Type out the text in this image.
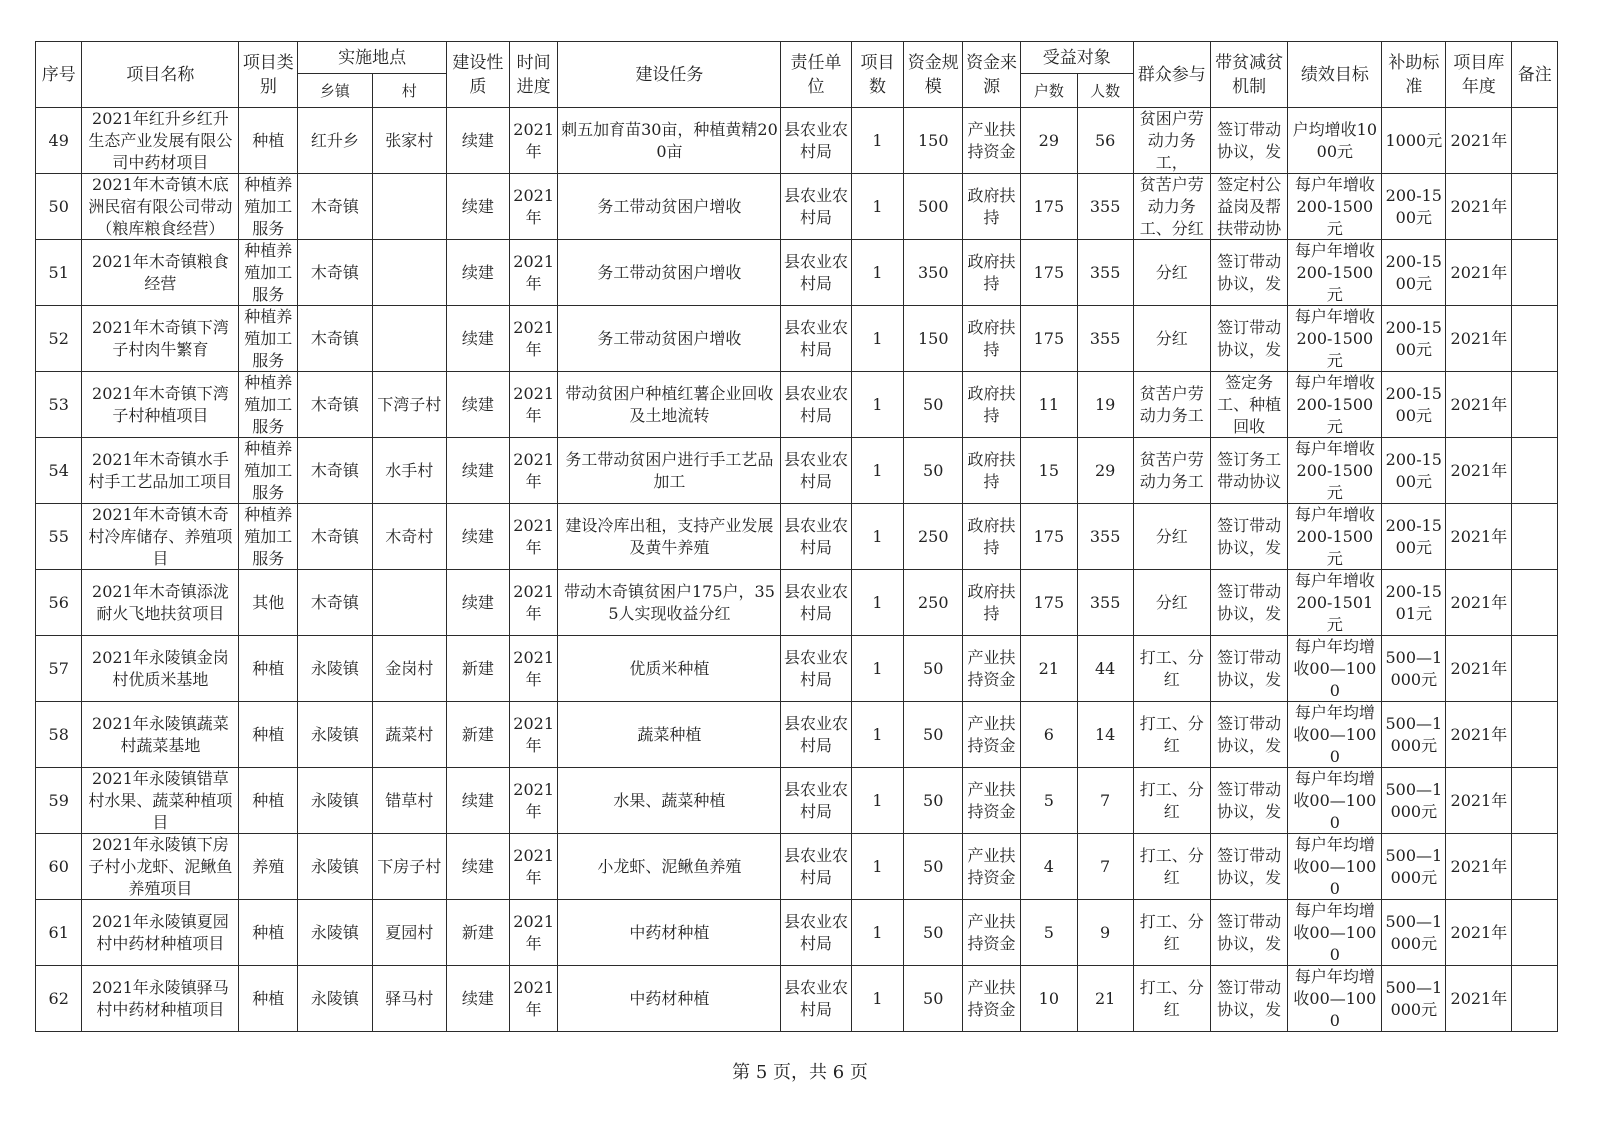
序号	项目名称	项目类别	实施地点		建设性质	时间进度	建设任务	责任单位	项目数	资金规模	资金来源	受益对象		群众参与	带贫减贫机制	绩效目标	补助标准	项目库年度	备注
			乡镇	村								户数	人数						

49	2021年红升乡红升生态产业发展有限公司中药材项目	种植	红升乡	张家村	续建	2021年	刺五加育苗30亩，种植黄精200亩	县农业农村局	1	150	产业扶持资金	29	56	贫困户劳动力务工，	签订带动协议，发	户均增收1000元	1000元	2021年	

50	2021年木奇镇木底洲民宿有限公司带动（粮库粮食经营）	种植养殖加工服务	木奇镇		续建	2021年	务工带动贫困户增收	县农业农村局	1	500	政府扶持	175	355	贫苦户劳动力务工、分红	签定村公益岗及帮扶带动协	每户年增收200-1500元	200-1500元	2021年	

51	2021年木奇镇粮食经营	种植养殖加工服务	木奇镇		续建	2021年	务工带动贫困户增收	县农业农村局	1	350	政府扶持	175	355	分红	签订带动协议，发	每户年增收200-1500元	200-1500元	2021年	

52	2021年木奇镇下湾子村肉牛繁育	种植养殖加工服务	木奇镇		续建	2021年	务工带动贫困户增收	县农业农村局	1	150	政府扶持	175	355	分红	签订带动协议，发	每户年增收200-1500元	200-1500元	2021年	

53	2021年木奇镇下湾子村种植项目	种植养殖加工服务	木奇镇	下湾子村	续建	2021年	带动贫困户种植红薯企业回收及土地流转	县农业农村局	1	50	政府扶持	11	19	贫苦户劳动力务工	签定务工、种植回收	每户年增收200-1500元	200-1500元	2021年	

54	2021年木奇镇水手村手工艺品加工项目	种植养殖加工服务	木奇镇	水手村	续建	2021年	务工带动贫困户进行手工艺品加工	县农业农村局	1	50	政府扶持	15	29	贫苦户劳动力务工	签订务工带动协议	每户年增收200-1500元	200-1500元	2021年	

55	2021年木奇镇木奇村冷库储存、养殖项目	种植养殖加工服务	木奇镇	木奇村	续建	2021年	建设冷库出租，支持产业发展及黄牛养殖	县农业农村局	1	250	政府扶持	175	355	分红	签订带动协议，发	每户年增收200-1500元	200-1500元	2021年	

56	2021年木奇镇添泷耐火飞地扶贫项目	其他	木奇镇		续建	2021年	带动木奇镇贫困户175户，355人实现收益分红	县农业农村局	1	250	政府扶持	175	355	分红	签订带动协议，发	每户年增收200-1501元	200-1501元	2021年	

57	2021年永陵镇金岗村优质米基地	种植	永陵镇	金岗村	新建	2021年	优质米种植	县农业农村局	1	50	产业扶持资金	21	44	打工、分红	签订带动协议，发	每户年均增收00—1000	500—1000元	2021年	

58	2021年永陵镇蔬菜村蔬菜基地	种植	永陵镇	蔬菜村	新建	2021年	蔬菜种植	县农业农村局	1	50	产业扶持资金	6	14	打工、分红	签订带动协议，发	每户年均增收00—1000	500—1000元	2021年	

59	2021年永陵镇错草村水果、蔬菜种植项目	种植	永陵镇	错草村	续建	2021年	水果、蔬菜种植	县农业农村局	1	50	产业扶持资金	5	7	打工、分红	签订带动协议，发	每户年均增收00—1000	500—1000元	2021年	

60	2021年永陵镇下房子村小龙虾、泥鳅鱼养殖项目	养殖	永陵镇	下房子村	续建	2021年	小龙虾、泥鳅鱼养殖	县农业农村局	1	50	产业扶持资金	4	7	打工、分红	签订带动协议，发	每户年均增收00—1000	500—1000元	2021年	

61	2021年永陵镇夏园村中药材种植项目	种植	永陵镇	夏园村	新建	2021年	中药材种植	县农业农村局	1	50	产业扶持资金	5	9	打工、分红	签订带动协议，发	每户年均增收00—1000	500—1000元	2021年	

62	2021年永陵镇驿马村中药材种植项目	种植	永陵镇	驿马村	续建	2021年	中药材种植	县农业农村局	1	50	产业扶持资金	10	21	打工、分红	签订带动协议，发	每户年均增收00—1000	500—1000元	2021年	

第 5 页，共 6 页
